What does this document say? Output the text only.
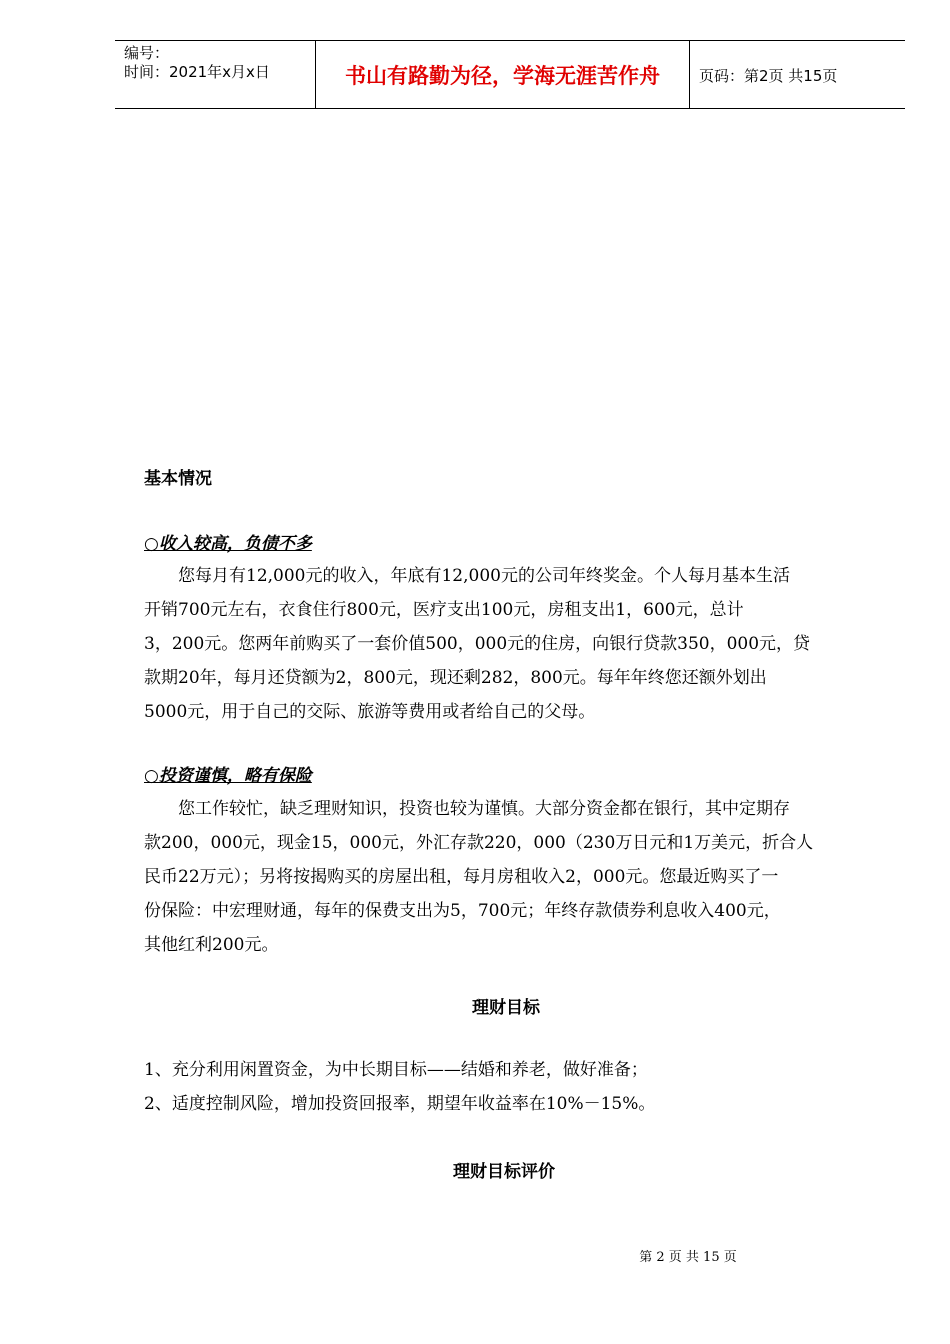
编号：
时间：2021年x月x日	书山有路勤为径，学海无涯苦作舟	页码：第2页 共15页
基本情况
○收入较高，负债不多
您每月有12,000元的收入，年底有12,000元的公司年终奖金。个人每月基本生活
开销700元左右，衣食住行800元，医疗支出100元，房租支出1，600元，总计
3，200元。您两年前购买了一套价值500，000元的住房，向银行贷款350，000元，贷
款期20年，每月还贷额为2，800元，现还剩282，800元。每年年终您还额外划出
5000元，用于自己的交际、旅游等费用或者给自己的父母。
○投资谨慎，略有保险
您工作较忙，缺乏理财知识，投资也较为谨慎。大部分资金都在银行，其中定期存
款200，000元，现金15，000元，外汇存款220，000（230万日元和1万美元，折合人
民币22万元）；另将按揭购买的房屋出租，每月房租收入2，000元。您最近购买了一
份保险：中宏理财通，每年的保费支出为5，700元；年终存款债券利息收入400元，
其他红利200元。
理财目标
1、充分利用闲置资金，为中长期目标——结婚和养老，做好准备；
2、适度控制风险，增加投资回报率，期望年收益率在10%－15%。
理财目标评价
第 2 页 共 15 页
